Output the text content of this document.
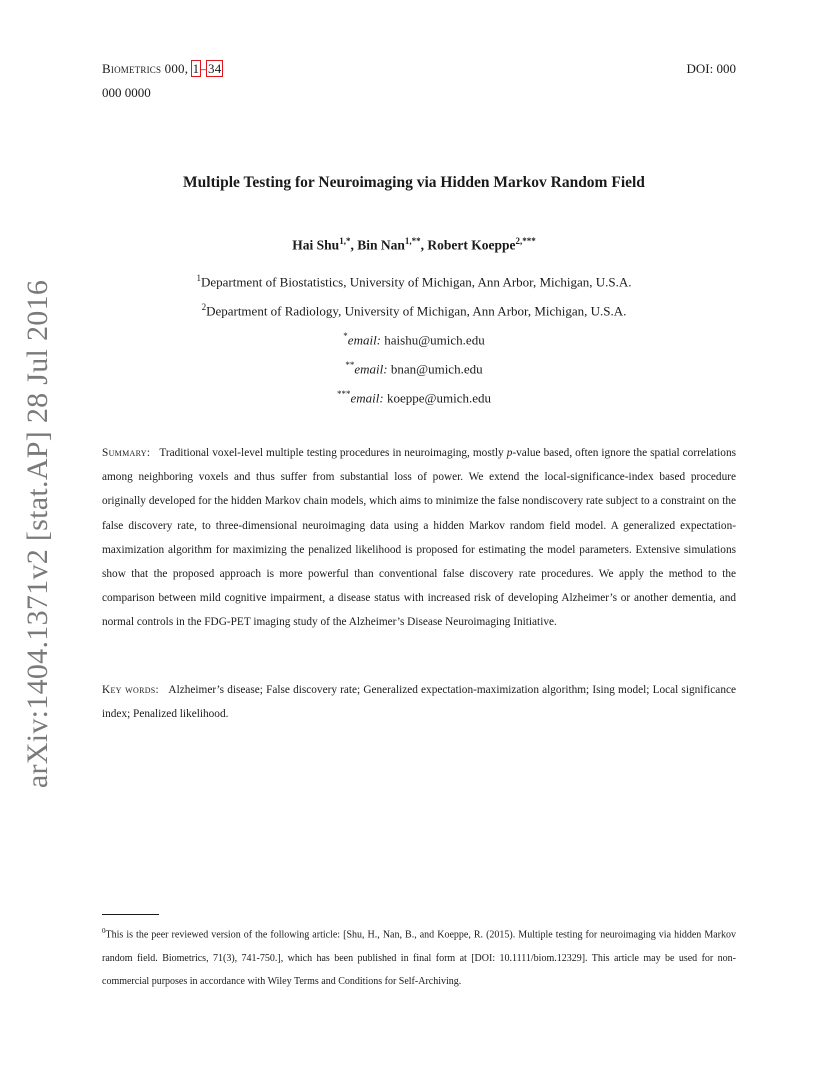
Biometrics 000, 1–34	DOI: 000
000 0000
arXiv:1404.1371v2 [stat.AP] 28 Jul 2016
Multiple Testing for Neuroimaging via Hidden Markov Random Field
Hai Shu$^{1,*}$, Bin Nan$^{1,**}$, Robert Koeppe$^{2,***}$
$^1$Department of Biostatistics, University of Michigan, Ann Arbor, Michigan, U.S.A.
$^2$Department of Radiology, University of Michigan, Ann Arbor, Michigan, U.S.A.
*email: haishu@umich.edu
**email: bnan@umich.edu
***email: koeppe@umich.edu
Summary: Traditional voxel-level multiple testing procedures in neuroimaging, mostly p-value based, often ignore the spatial correlations among neighboring voxels and thus suffer from substantial loss of power. We extend the local-significance-index based procedure originally developed for the hidden Markov chain models, which aims to minimize the false nondiscovery rate subject to a constraint on the false discovery rate, to three-dimensional neuroimaging data using a hidden Markov random field model. A generalized expectation-maximization algorithm for maximizing the penalized likelihood is proposed for estimating the model parameters. Extensive simulations show that the proposed approach is more powerful than conventional false discovery rate procedures. We apply the method to the comparison between mild cognitive impairment, a disease status with increased risk of developing Alzheimer’s or another dementia, and normal controls in the FDG-PET imaging study of the Alzheimer’s Disease Neuroimaging Initiative.
Key words: Alzheimer’s disease; False discovery rate; Generalized expectation-maximization algorithm; Ising model; Local significance index; Penalized likelihood.
$^0$This is the peer reviewed version of the following article: [Shu, H., Nan, B., and Koeppe, R. (2015). Multiple testing for neuroimaging via hidden Markov random field. Biometrics, 71(3), 741-750.], which has been published in final form at [DOI: 10.1111/biom.12329]. This article may be used for non-commercial purposes in accordance with Wiley Terms and Conditions for Self-Archiving.
